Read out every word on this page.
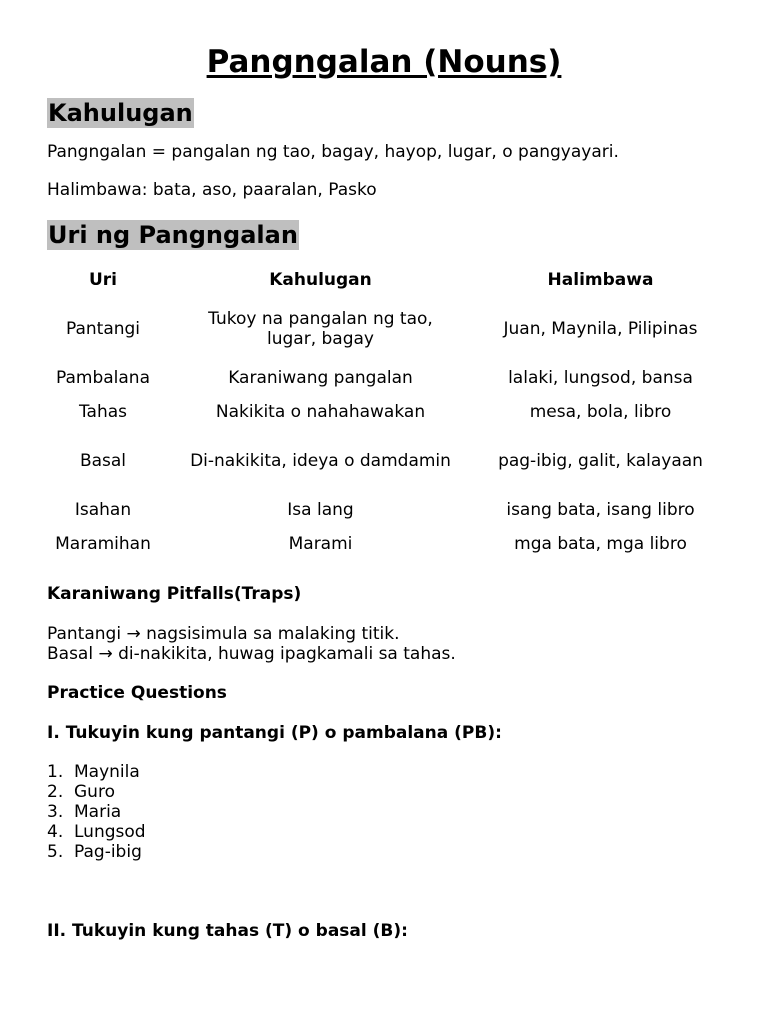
Pangngalan (Nouns)
Kahulugan

Pangngalan = pangalan ng tao, bagay, hayop, lugar, o pangyayari.

Halimbawa: bata, aso, paaralan, Pasko

Uri ng Pangngalan
Uri	Kahulugan	Halimbawa
Pantangi	Tukoy na pangalan ng tao, lugar, bagay	Juan, Maynila, Pilipinas
Pambalana	Karaniwang pangalan	lalaki, lungsod, bansa
Tahas	Nakikita o nahahawakan	mesa, bola, libro
Basal	Di-nakikita, ideya o damdamin	pag-ibig, galit, kalayaan
Isahan	Isa lang	isang bata, isang libro
Maramihan	Marami	mga bata, mga libro

Karaniwang Pitfalls(Traps)

Pantangi → nagsisimula sa malaking titik.

Basal → di-nakikita, huwag ipagkamali sa tahas.

Practice Questions

I. Tukuyin kung pantangi (P) o pambalana (PB):

1. Maynila
2. Guro
3. Maria
4. Lungsod
5. Pag-ibig

II. Tukuyin kung tahas (T) o basal (B):
